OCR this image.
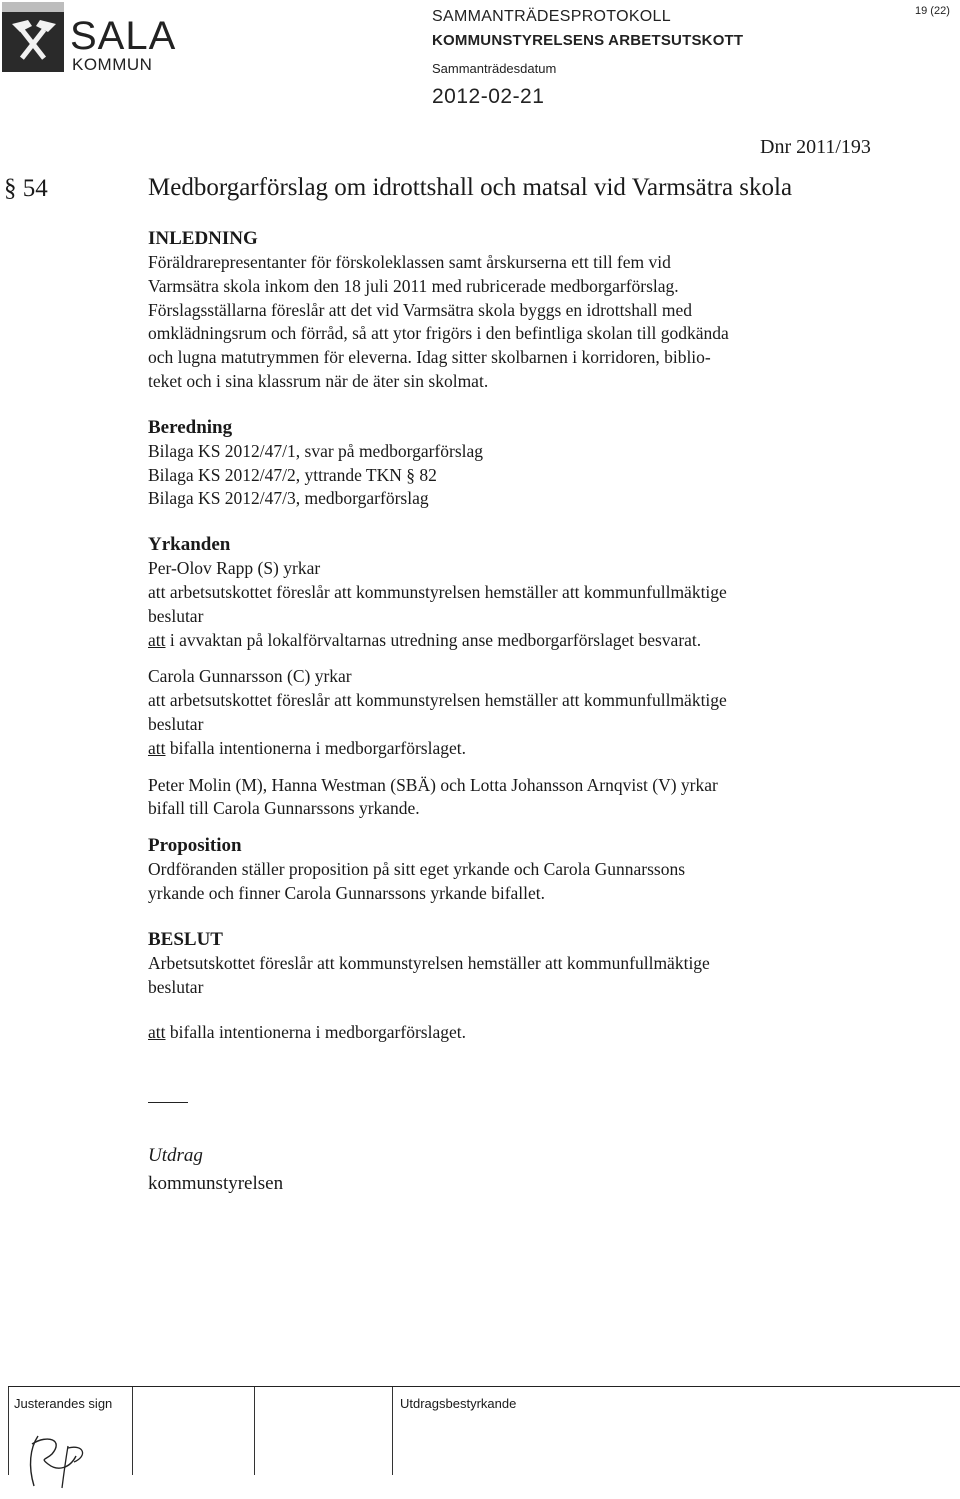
SALA
KOMMUN
SAMMANTRÄDESPROTOKOLL
KOMMUNSTYRELSENS ARBETSUTSKOTT
Sammanträdesdatum
2012-02-21
19 (22)
Dnr 2011/193
§ 54	Medborgarförslag om idrottshall och matsal vid Varmsätra skola
INLEDNING
Föräldrarepresentanter för förskoleklassen samt årskurserna ett till fem vid
Varmsätra skola inkom den 18 juli 2011 med rubricerade medborgarförslag.
Förslagsställarna föreslår att det vid Varmsätra skola byggs en idrottshall med
omklädningsrum och förråd, så att ytor frigörs i den befintliga skolan till godkända
och lugna matutrymmen för eleverna. Idag sitter skolbarnen i korridoren, biblio-
teket och i sina klassrum när de äter sin skolmat.
Beredning
Bilaga KS 2012/47/1, svar på medborgarförslag
Bilaga KS 2012/47/2, yttrande TKN § 82
Bilaga KS 2012/47/3, medborgarförslag
Yrkanden
Per-Olov Rapp (S) yrkar
att arbetsutskottet föreslår att kommunstyrelsen hemställer att kommunfullmäktige
beslutar
att i avvaktan på lokalförvaltarnas utredning anse medborgarförslaget besvarat.
Carola Gunnarsson (C) yrkar
att arbetsutskottet föreslår att kommunstyrelsen hemställer att kommunfullmäktige
beslutar
att bifalla intentionerna i medborgarförslaget.
Peter Molin (M), Hanna Westman (SBÄ) och Lotta Johansson Arnqvist (V) yrkar
bifall till Carola Gunnarssons yrkande.
Proposition
Ordföranden ställer proposition på sitt eget yrkande och Carola Gunnarssons
yrkande och finner Carola Gunnarssons yrkande bifallet.
BESLUT
Arbetsutskottet föreslår att kommunstyrelsen hemställer att kommunfullmäktige
beslutar
att bifalla intentionerna i medborgarförslaget.
Utdrag
kommunstyrelsen
Justerandes sign	Utdragsbestyrkande
